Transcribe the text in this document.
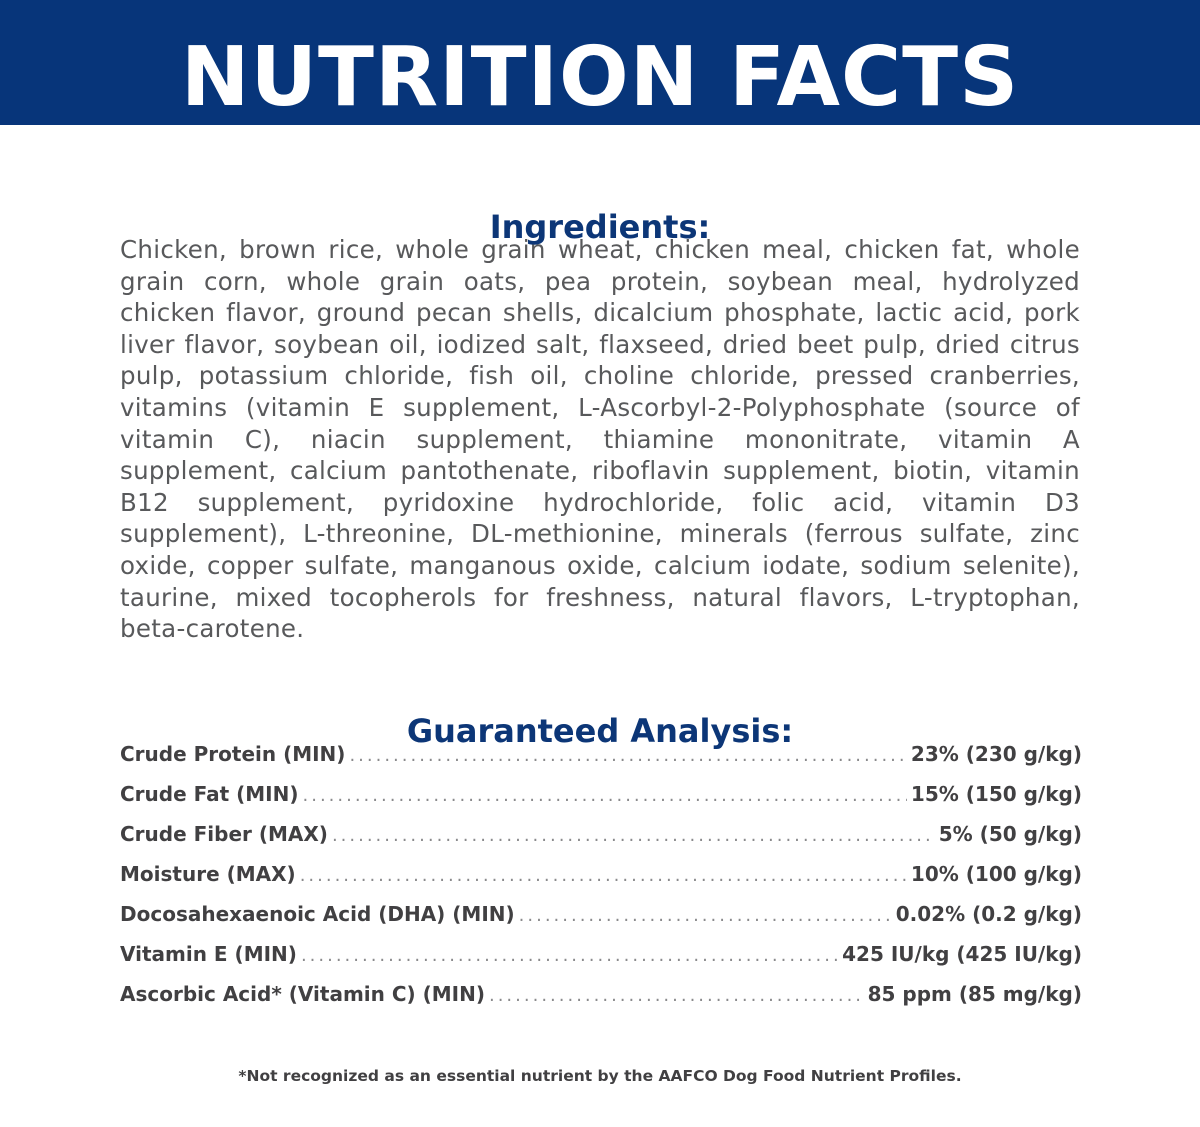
NUTRITION FACTS
Ingredients:

Chicken, brown rice, whole grain wheat, chicken meal, chicken fat, whole grain corn, whole grain oats, pea protein, soybean meal, hydrolyzed chicken flavor, ground pecan shells, dicalcium phosphate, lactic acid, pork liver flavor, soybean oil, iodized salt, flaxseed, dried beet pulp, dried citrus pulp, potassium chloride, fish oil, choline chloride, pressed cranberries, vitamins (vitamin E supplement, L-Ascorbyl-2-Polyphosphate (source of vitamin C), niacin supplement, thiamine mononitrate, vitamin A supplement, calcium pantothenate, riboflavin supplement, biotin, vitamin B12 supplement, pyridoxine hydrochloride, folic acid, vitamin D3 supplement), L-threonine, DL-methionine, minerals (ferrous sulfate, zinc oxide, copper sulfate, manganous oxide, calcium iodate, sodium selenite), taurine, mixed tocopherols for freshness, natural flavors, L-tryptophan, beta-carotene.

Guaranteed Analysis:
Crude Protein (MIN) .....	23% (230 g/kg)
Crude Fat (MIN) .....	15% (150 g/kg)
Crude Fiber (MAX) .....	5% (50 g/kg)
Moisture (MAX) .....	10% (100 g/kg)
Docosahexaenoic Acid (DHA) (MIN) .....	0.02% (0.2 g/kg)
Vitamin E (MIN) .....	425 IU/kg (425 IU/kg)
Ascorbic Acid* (Vitamin C) (MIN) .....	85 ppm (85 mg/kg)

*Not recognized as an essential nutrient by the AAFCO Dog Food Nutrient Profiles.
